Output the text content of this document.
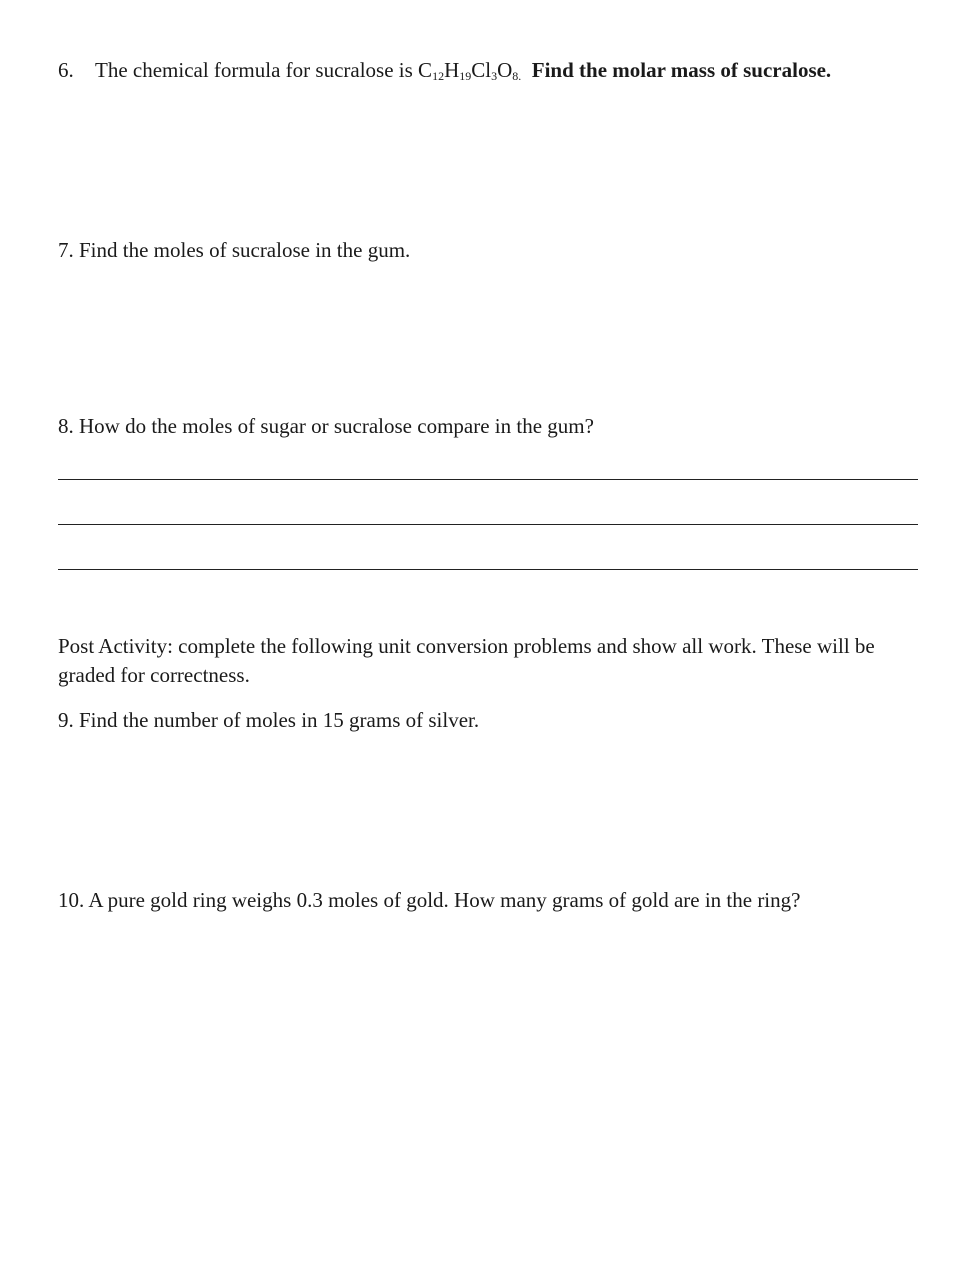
6. The chemical formula for sucralose is $C_{12}H_{19}Cl_3O_{8.}$ Find the molar mass of sucralose.
7. Find the moles of sucralose in the gum.
8. How do the moles of sugar or sucralose compare in the gum?
Post Activity: complete the following unit conversion problems and show all work. These will be graded for correctness.
9. Find the number of moles in 15 grams of silver.
10. A pure gold ring weighs 0.3 moles of gold. How many grams of gold are in the ring?
